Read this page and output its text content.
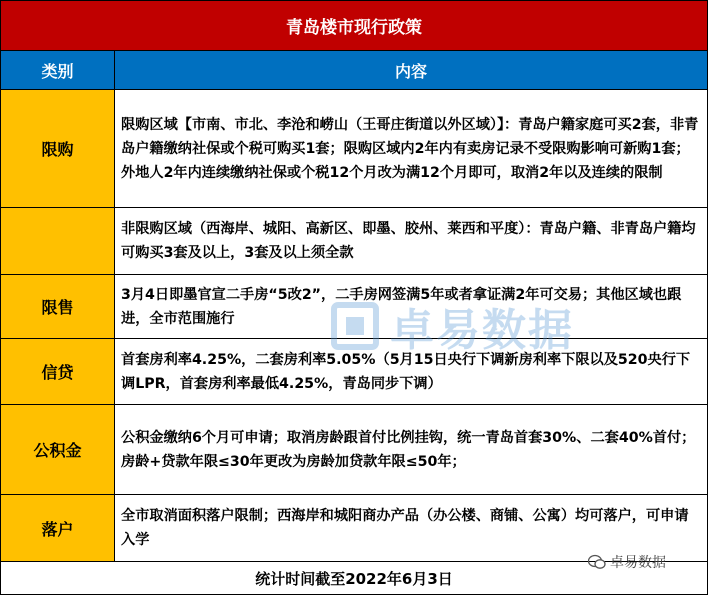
青岛楼市现行政策
类别	内容
限购
限购区域【市南、市北、李沧和崂山（王哥庄街道以外区域）】：青岛户籍家庭可买2套，非青岛户籍缴纳社保或个税可购买1套；限购区域内2年内有卖房记录不受限购影响可新购1套；外地人2年内连续缴纳社保或个税12个月改为满12个月即可，取消2年以及连续的限制
非限购区域（西海岸、城阳、高新区、即墨、胶州、莱西和平度）：青岛户籍、非青岛户籍均可购买3套及以上，3套及以上须全款
限售
3月4日即墨官宣二手房“5改2”，二手房网签满5年或者拿证满2年可交易；其他区域也跟进，全市范围施行
信贷
首套房利率4.25%，二套房利率5.05%（5月15日央行下调新房利率下限以及520央行下调LPR，首套房利率最低4.25%，青岛同步下调）
公积金
公积金缴纳6个月可申请；取消房龄跟首付比例挂钩，统一青岛首套30%、二套40%首付；房龄+贷款年限≤30年更改为房龄加贷款年限≤50年；
落户
全市取消面积落户限制；西海岸和城阳商办产品（办公楼、商铺、公寓）均可落户，可申请入学
统计时间截至2022年6月3日
卓易数据
卓易数据
